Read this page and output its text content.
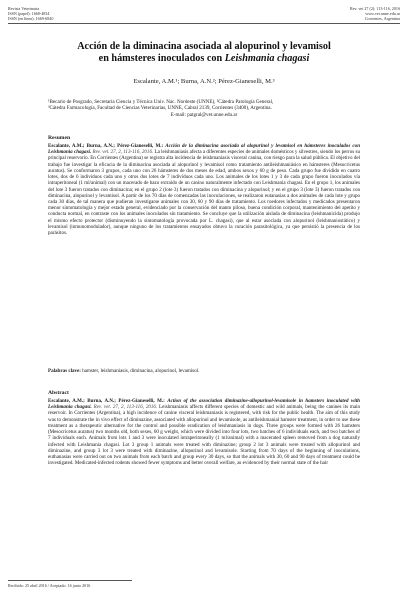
Revista Veterinaria
ISSN (papel): 1668-4834
ISSN (en línea): 1669-6840
Rev. vet 27 (2): 113-116, 2016
www.vet.unne.edu.ar
Corrientes, Argentina
Acción de la diminacina asociada al alopurinol y levamisol
en hámsteres inoculados con Leishmania chagasi
Escalante, A.M.¹; Burna, A.N.²; Pérez-Gianeselli, M.³

¹Becario de Posgrado, Secretaría Ciencia y Técnica Univ. Nac. Nordeste (UNNE), ²Cátedra Patología General,

³Cátedra Farmacología, Facultad de Ciencias Veterinarias, UNNE, Cabral 2139, Corrientes (3400), Argentina.

E-mail: patgral@vet.unne.edu.ar

Resumen

Escalante, A.M.; Burna, A.N.; Pérez-Gianeselli, M.: Acción de la diminacina asociada al alopurinol y levamisol en hámsteres inoculados con Leishmania chagasi. Rev. vet. 27, 2, 113-116, 2016. La leishmaniasis afecta a diferentes especies de animales domésticos y silvestres, siendo los perros su principal reservorio. En Corrientes (Argentina) se registra alta incidencia de leishmaniasis visceral canina, con riesgo para la salud pública. El objetivo del trabajo fue investigar la eficacia de la diminacina asociada al alopurinol y levamisol como tratamiento antileishmaniásico en hámsteres (Mesocricetus auratus). Se conformaron 3 grupos, cada uno con 26 hámsteres de dos meses de edad, ambos sexos y 60 g de peso. Cada grupo fue dividido en cuatro lotes, dos de 6 individuos cada uno y otros dos lotes de 7 individuos cada uno. Los animales de los lotes 1 y 3 de cada grupo fueron inoculados vía intraperitoneal (1 ml/animal) con un macerado de bazo extraído de un canino naturalmente infectado con Leishmania chagasi. En el grupo 1, los animales del lote 3 fueron tratados con diminacina; en el grupo 2 (lote 3) fueron tratados con diminacina y alopurinol; y en el grupo 3 (lote 3) fueron tratados con diminacina, alopurinol y levamisol. A partir de los 70 días de comenzadas las inoculaciones, se realizaron eutanasias a dos animales de cada lote y grupo cada 30 días, de tal manera que pudieran investigarse animales con 30, 60 y 90 días de tratamiento. Los roedores infectados y medicados presentaron menor sintomatología y mejor estado general, evidenciado por la conservación del manto piloso, buena condición corporal, mantenimiento del apetito y conducta normal, en contraste con los animales inoculados sin tratamiento. Se concluye que la utilización aislada de diminacina (leishmanicida) produjo el mismo efecto protector (disminuyendo la sintomatología provocada por L. chagasi), que al estar asociada con alopurinol (leishmaniostático) y levamisol (inmunomodulador), aunque ninguno de los tratamientos ensayados obtuvo la curación parasitológica, ya que persistió la presencia de los parásitos.

Palabras clave: hamster, leishmaniasis, diminacina, alopurinol, levamisol.

Abstract

Escalante, A.M.; Burna, A.N.; Pérez-Gianeselli, M.: Action of the association diminazine-allopurinol-levamisole in hamsters inoculated with Leishmania chagasi. Rev. vet. 27, 2, 113-116, 2016. Leishmaniasis affects different species of domestic and wild animals, being the canines its main reservoir. In Corrientes (Argentina), a high incidence of canine visceral leishmaniasis is registered, with risk for the public health. The aim of this study was to demonstrate the in vivo effect of diminazine, associated with allopurinol and levamisole, as antileishmanial hamster treatment, in order to use these treatment as a therapeutic alternative for the control and possible eradication of leishmaniasis in dogs. Three groups were formed with 26 hamsters (Mesocricetus auratus) two months old, both sexes, 60 g weight, which were divided into four lots, two batches of 6 individuals each, and two batches of 7 individuals each. Animals from lots 1 and 3 were inoculated intraperitoneally (1 ml/animal) with a macerated spleen removed from a dog naturally infected with Leishmania chagasi. Lot 3 group 1 animals were treated with diminazine; group 2 lot 3 animals were treated with allopurinol and diminazine, and group 3 lot 3 were treated with diminazine, allopurinol and levamisole. Starting from 70 days of the beginning of inoculations, euthanasias were carried out on two animals from each batch and group every 30 days, so that the animals with 30, 60 and 90 days of treatment could be investigated. Medicated-infected rodents showed fewer symptoms and better overall welfare, as evidenced by their normal state of the hair

Recibido: 25 abril 2016 / Aceptado: 16 junio 2016
